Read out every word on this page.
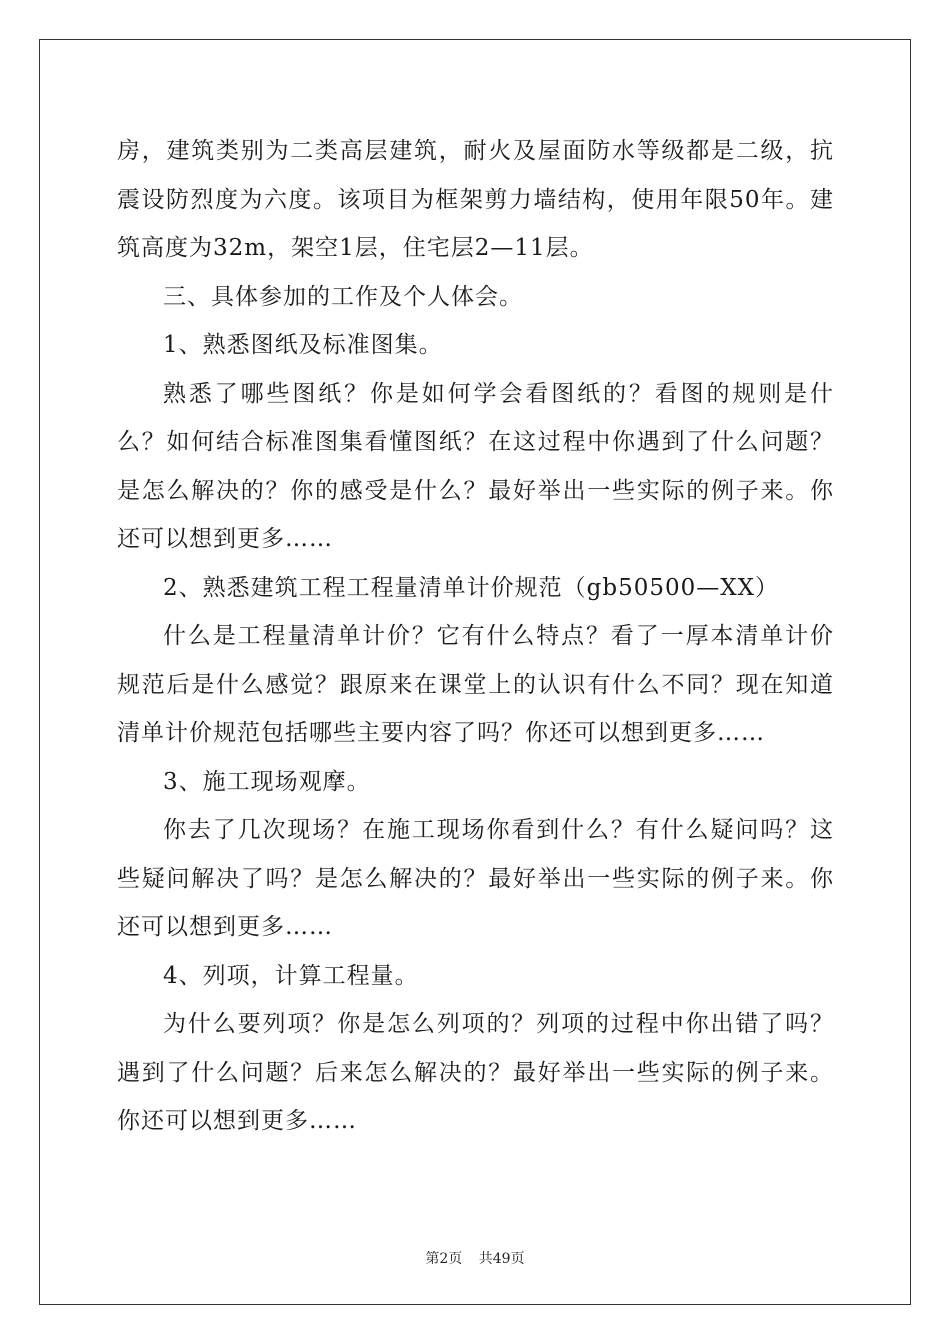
房，建筑类别为二类高层建筑，耐火及屋面防水等级都是二级，抗震设防烈度为六度。该项目为框架剪力墙结构，使用年限50年。建筑高度为32m，架空1层，住宅层2—11层。

三、具体参加的工作及个人体会。

1、熟悉图纸及标准图集。

熟悉了哪些图纸？你是如何学会看图纸的？看图的规则是什么？如何结合标准图集看懂图纸？在这过程中你遇到了什么问题？是怎么解决的？你的感受是什么？最好举出一些实际的例子来。你还可以想到更多……

2、熟悉建筑工程工程量清单计价规范（gb50500—XX）

什么是工程量清单计价？它有什么特点？看了一厚本清单计价规范后是什么感觉？跟原来在课堂上的认识有什么不同？现在知道清单计价规范包括哪些主要内容了吗？你还可以想到更多……

3、施工现场观摩。

你去了几次现场？在施工现场你看到什么？有什么疑问吗？这些疑问解决了吗？是怎么解决的？最好举出一些实际的例子来。你还可以想到更多……

4、列项，计算工程量。

为什么要列项？你是怎么列项的？列项的过程中你出错了吗？遇到了什么问题？后来怎么解决的？最好举出一些实际的例子来。你还可以想到更多……

第2页 共49页
